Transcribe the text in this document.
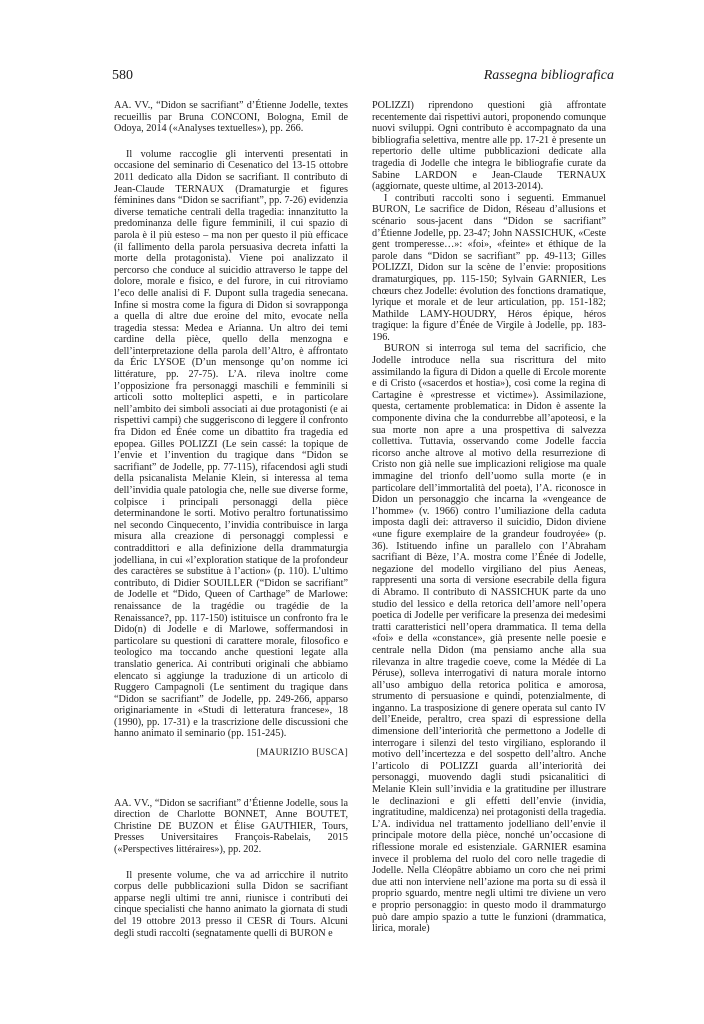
580	Rassegna bibliografica

AA. VV., “Didon se sacrifiant” d’Étienne Jodelle, textes recueillis par Bruna CONCONI, Bologna, Emil de Odoya, 2014 («Analyses textuelles»), pp. 266.

Il volume raccoglie gli interventi presentati in occasione del seminario di Cesenatico del 13-15 ottobre 2011 dedicato alla Didon se sacrifiant. Il contributo di Jean-Claude TERNAUX (Dramaturgie et figures féminines dans “Didon se sacrifiant”, pp. 7-26) evidenzia diverse tematiche centrali della tragedia: innanzitutto la predominanza delle figure femminili, il cui spazio di parola è il più esteso – ma non per questo il più efficace (il fallimento della parola persuasiva decreta infatti la morte della protagonista). Viene poi analizzato il percorso che conduce al suicidio attraverso le tappe del dolore, morale e fisico, e del furore, in cui ritroviamo l’eco delle analisi di F. Dupont sulla tragedia senecana. Infine si mostra come la figura di Didon si sovrapponga a quella di altre due eroine del mito, evocate nella tragedia stessa: Medea e Arianna. Un altro dei temi cardine della pièce, quello della menzogna e dell’interpretazione della parola dell’Altro, è affrontato da Éric LYSOE (D’un mensonge qu’on nomme ici littérature, pp. 27-75). L’A. rileva inoltre come l’opposizione fra personaggi maschili e femminili si articoli sotto molteplici aspetti, e in particolare nell’ambito dei simboli associati ai due protagonisti (e ai rispettivi campi) che suggeriscono di leggere il confronto fra Didon ed Énée come un dibattito fra tragedia ed epopea. Gilles POLIZZI (Le sein cassé: la topique de l’envie et l’invention du tragique dans “Didon se sacrifiant” de Jodelle, pp. 77-115), rifacendosi agli studi della psicanalista Melanie Klein, si interessa al tema dell’invidia quale patologia che, nelle sue diverse forme, colpisce i principali personaggi della pièce determinandone le sorti. Motivo peraltro fortunatissimo nel secondo Cinquecento, l’invidia contribuisce in larga misura alla creazione di personaggi complessi e contraddittori e alla definizione della drammaturgia jodelliana, in cui «l’exploration statique de la profondeur des caractères se substitue à l’action» (p. 110). L’ultimo contributo, di Didier SOUILLER (“Didon se sacrifiant” de Jodelle et “Dido, Queen of Carthage” de Marlowe: renaissance de la tragédie ou tragédie de la Renaissance?, pp. 117-150) istituisce un confronto fra le Dido(n) di Jodelle e di Marlowe, soffermandosi in particolare su questioni di carattere morale, filosofico e teologico ma toccando anche questioni legate alla translatio generica. Ai contributi originali che abbiamo elencato si aggiunge la traduzione di un articolo di Ruggero Campagnoli (Le sentiment du tragique dans “Didon se sacrifiant” de Jodelle, pp. 249-266, apparso originariamente in «Studi di letteratura francese», 18 (1990), pp. 17-31) e la trascrizione delle discussioni che hanno animato il seminario (pp. 151-245).

[MAURIZIO BUSCA]

AA. VV., “Didon se sacrifiant” d’Étienne Jodelle, sous la direction de Charlotte BONNET, Anne BOUTET, Christine DE BUZON et Élise GAUTHIER, Tours, Presses Universitaires François-Rabelais, 2015 («Perspectives littéraires»), pp. 202.

Il presente volume, che va ad arricchire il nutrito corpus delle pubblicazioni sulla Didon se sacrifiant apparse negli ultimi tre anni, riunisce i contributi dei cinque specialisti che hanno animato la giornata di studi del 19 ottobre 2013 presso il CESR di Tours. Alcuni degli studi raccolti (segnatamente quelli di BURON e

POLIZZI) riprendono questioni già affrontate recentemente dai rispettivi autori, proponendo comunque nuovi sviluppi. Ogni contributo è accompagnato da una bibliografia selettiva, mentre alle pp. 17-21 è presente un repertorio delle ultime pubblicazioni dedicate alla tragedia di Jodelle che integra le bibliografie curate da Sabine LARDON e Jean-Claude TERNAUX (aggiornate, queste ultime, al 2013-2014).

I contributi raccolti sono i seguenti. Emmanuel BURON, Le sacrifice de Didon, Réseau d’allusions et scénario sous-jacent dans “Didon se sacrifiant” d’Étienne Jodelle, pp. 23-47; John NASSICHUK, «Ceste gent tromperesse…»: «foi», «feinte» et éthique de la parole dans “Didon se sacrifiant” pp. 49-113; Gilles POLIZZI, Didon sur la scène de l’envie: propositions dramaturgiques, pp. 115-150; Sylvain GARNIER, Les chœurs chez Jodelle: évolution des fonctions dramatique, lyrique et morale et de leur articulation, pp. 151-182; Mathilde LAMY-HOUDRY, Héros épique, héros tragique: la figure d’Énée de Virgile à Jodelle, pp. 183-196.

BURON si interroga sul tema del sacrificio, che Jodelle introduce nella sua riscrittura del mito assimilando la figura di Didon a quelle di Ercole morente e di Cristo («sacerdos et hostia»), così come la regina di Cartagine è «prestresse et victime»). Assimilazione, questa, certamente problematica: in Didon è assente la componente divina che la condurrebbe all’apoteosi, e la sua morte non apre a una prospettiva di salvezza collettiva. Tuttavia, osservando come Jodelle faccia ricorso anche altrove al motivo della resurrezione di Cristo non già nelle sue implicazioni religiose ma quale immagine del trionfo dell’uomo sulla morte (e in particolare dell’immortalità del poeta), l’A. riconosce in Didon un personaggio che incarna la «vengeance de l’homme» (v. 1966) contro l’umiliazione della caduta imposta dagli dei: attraverso il suicidio, Didon diviene «une figure exemplaire de la grandeur foudroyée» (p. 36). Istituendo infine un parallelo con l’Abraham sacrifiant di Bèze, l’A. mostra come l’Énée di Jodelle, negazione del modello virgiliano del pius Aeneas, rappresenti una sorta di versione esecrabile della figura di Abramo. Il contributo di NASSICHUK parte da uno studio del lessico e della retorica dell’amore nell’opera poetica di Jodelle per verificare la presenza dei medesimi tratti caratteristici nell’opera drammatica. Il tema della «foi» e della «constance», già presente nelle poesie e centrale nella Didon (ma pensiamo anche alla sua rilevanza in altre tragedie coeve, come la Médée di La Péruse), solleva interrogativi di natura morale intorno all’uso ambiguo della retorica politica e amorosa, strumento di persuasione e quindi, potenzialmente, di inganno. La trasposizione di genere operata sul canto IV dell’Eneide, peraltro, crea spazi di espressione della dimensione dell’interiorità che permettono a Jodelle di interrogare i silenzi del testo virgiliano, esplorando il motivo dell’incertezza e del sospetto dell’altro. Anche l’articolo di POLIZZI guarda all’interiorità dei personaggi, muovendo dagli studi psicanalitici di Melanie Klein sull’invidia e la gratitudine per illustrare le declinazioni e gli effetti dell’envie (invidia, ingratitudine, maldicenza) nei protagonisti della tragedia. L’A. individua nel trattamento jodelliano dell’envie il principale motore della pièce, nonché un’occasione di riflessione morale ed esistenziale. GARNIER esamina invece il problema del ruolo del coro nelle tragedie di Jodelle. Nella Cléopâtre abbiamo un coro che nei primi due atti non interviene nell’azione ma porta su di essà il proprio sguardo, mentre negli ultimi tre diviene un vero e proprio personaggio: in questo modo il drammaturgo può dare ampio spazio a tutte le funzioni (drammatica, lirica, morale)
